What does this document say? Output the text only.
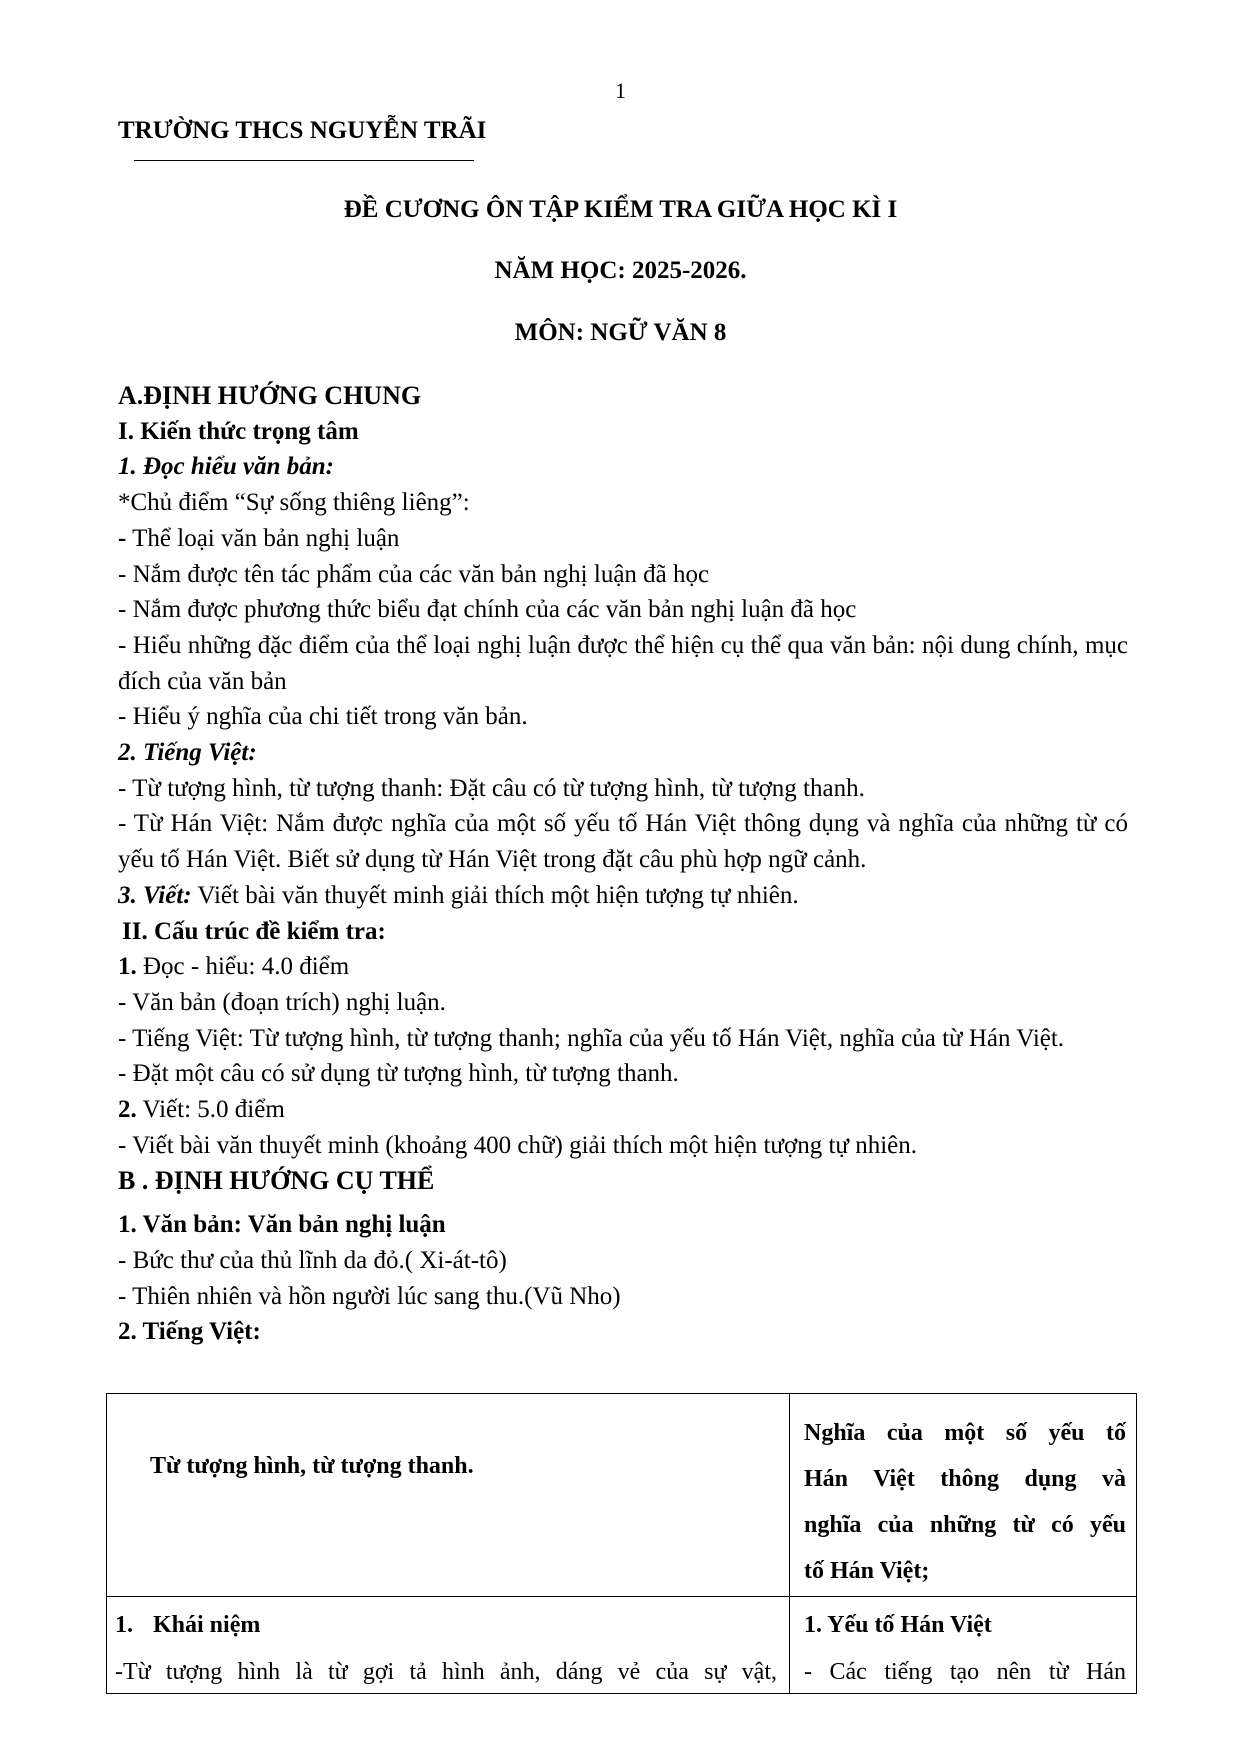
1
TRƯỜNG THCS NGUYỄN TRÃI
ĐỀ CƯƠNG ÔN TẬP KIỂM TRA GIỮA HỌC KÌ I
NĂM HỌC: 2025-2026.
MÔN: NGỮ VĂN 8

A.ĐỊNH HƯỚNG CHUNG

I. Kiến thức trọng tâm

1. Đọc hiểu văn bản:

*Chủ điểm “Sự sống thiêng liêng”:

- Thể loại văn bản nghị luận

- Nắm được tên tác phẩm của các văn bản nghị luận đã học

- Nắm được phương thức biểu đạt chính của các văn bản nghị luận đã học

- Hiểu những đặc điểm của thể loại nghị luận được thể hiện cụ thể qua văn bản: nội dung chính, mục đích của văn bản

- Hiểu ý nghĩa của chi tiết trong văn bản.

2. Tiếng Việt:

- Từ tượng hình, từ tượng thanh: Đặt câu có từ tượng hình, từ tượng thanh.

- Từ Hán Việt: Nắm được nghĩa của một số yếu tố Hán Việt thông dụng và nghĩa của những từ có yếu tố Hán Việt. Biết sử dụng từ Hán Việt trong đặt câu phù hợp ngữ cảnh.

3. Viết: Viết bài văn thuyết minh giải thích một hiện tượng tự nhiên.

II. Cấu trúc đề kiểm tra:

1. Đọc - hiểu: 4.0 điểm

- Văn bản (đoạn trích) nghị luận.

- Tiếng Việt: Từ tượng hình, từ tượng thanh; nghĩa của yếu tố Hán Việt, nghĩa của từ Hán Việt.

- Đặt một câu có sử dụng từ tượng hình, từ tượng thanh.

2. Viết: 5.0 điểm

- Viết bài văn thuyết minh (khoảng 400 chữ) giải thích một hiện tượng tự nhiên.

B . ĐỊNH HƯỚNG CỤ THỂ

1. Văn bản: Văn bản nghị luận

- Bức thư của thủ lĩnh da đỏ.( Xi-át-tô)

- Thiên nhiên và hồn người lúc sang thu.(Vũ Nho)

2. Tiếng Việt:

Từ tượng hình, từ tượng thanh.
Nghĩa của một số yếu tố
Hán Việt thông dụng và
nghĩa của những từ có yếu
tố Hán Việt;
1. Khái niệm
-Từ tượng hình là từ gợi tả hình ảnh, dáng vẻ của sự vật,
1. Yếu tố Hán Việt
- Các tiếng tạo nên từ Hán
